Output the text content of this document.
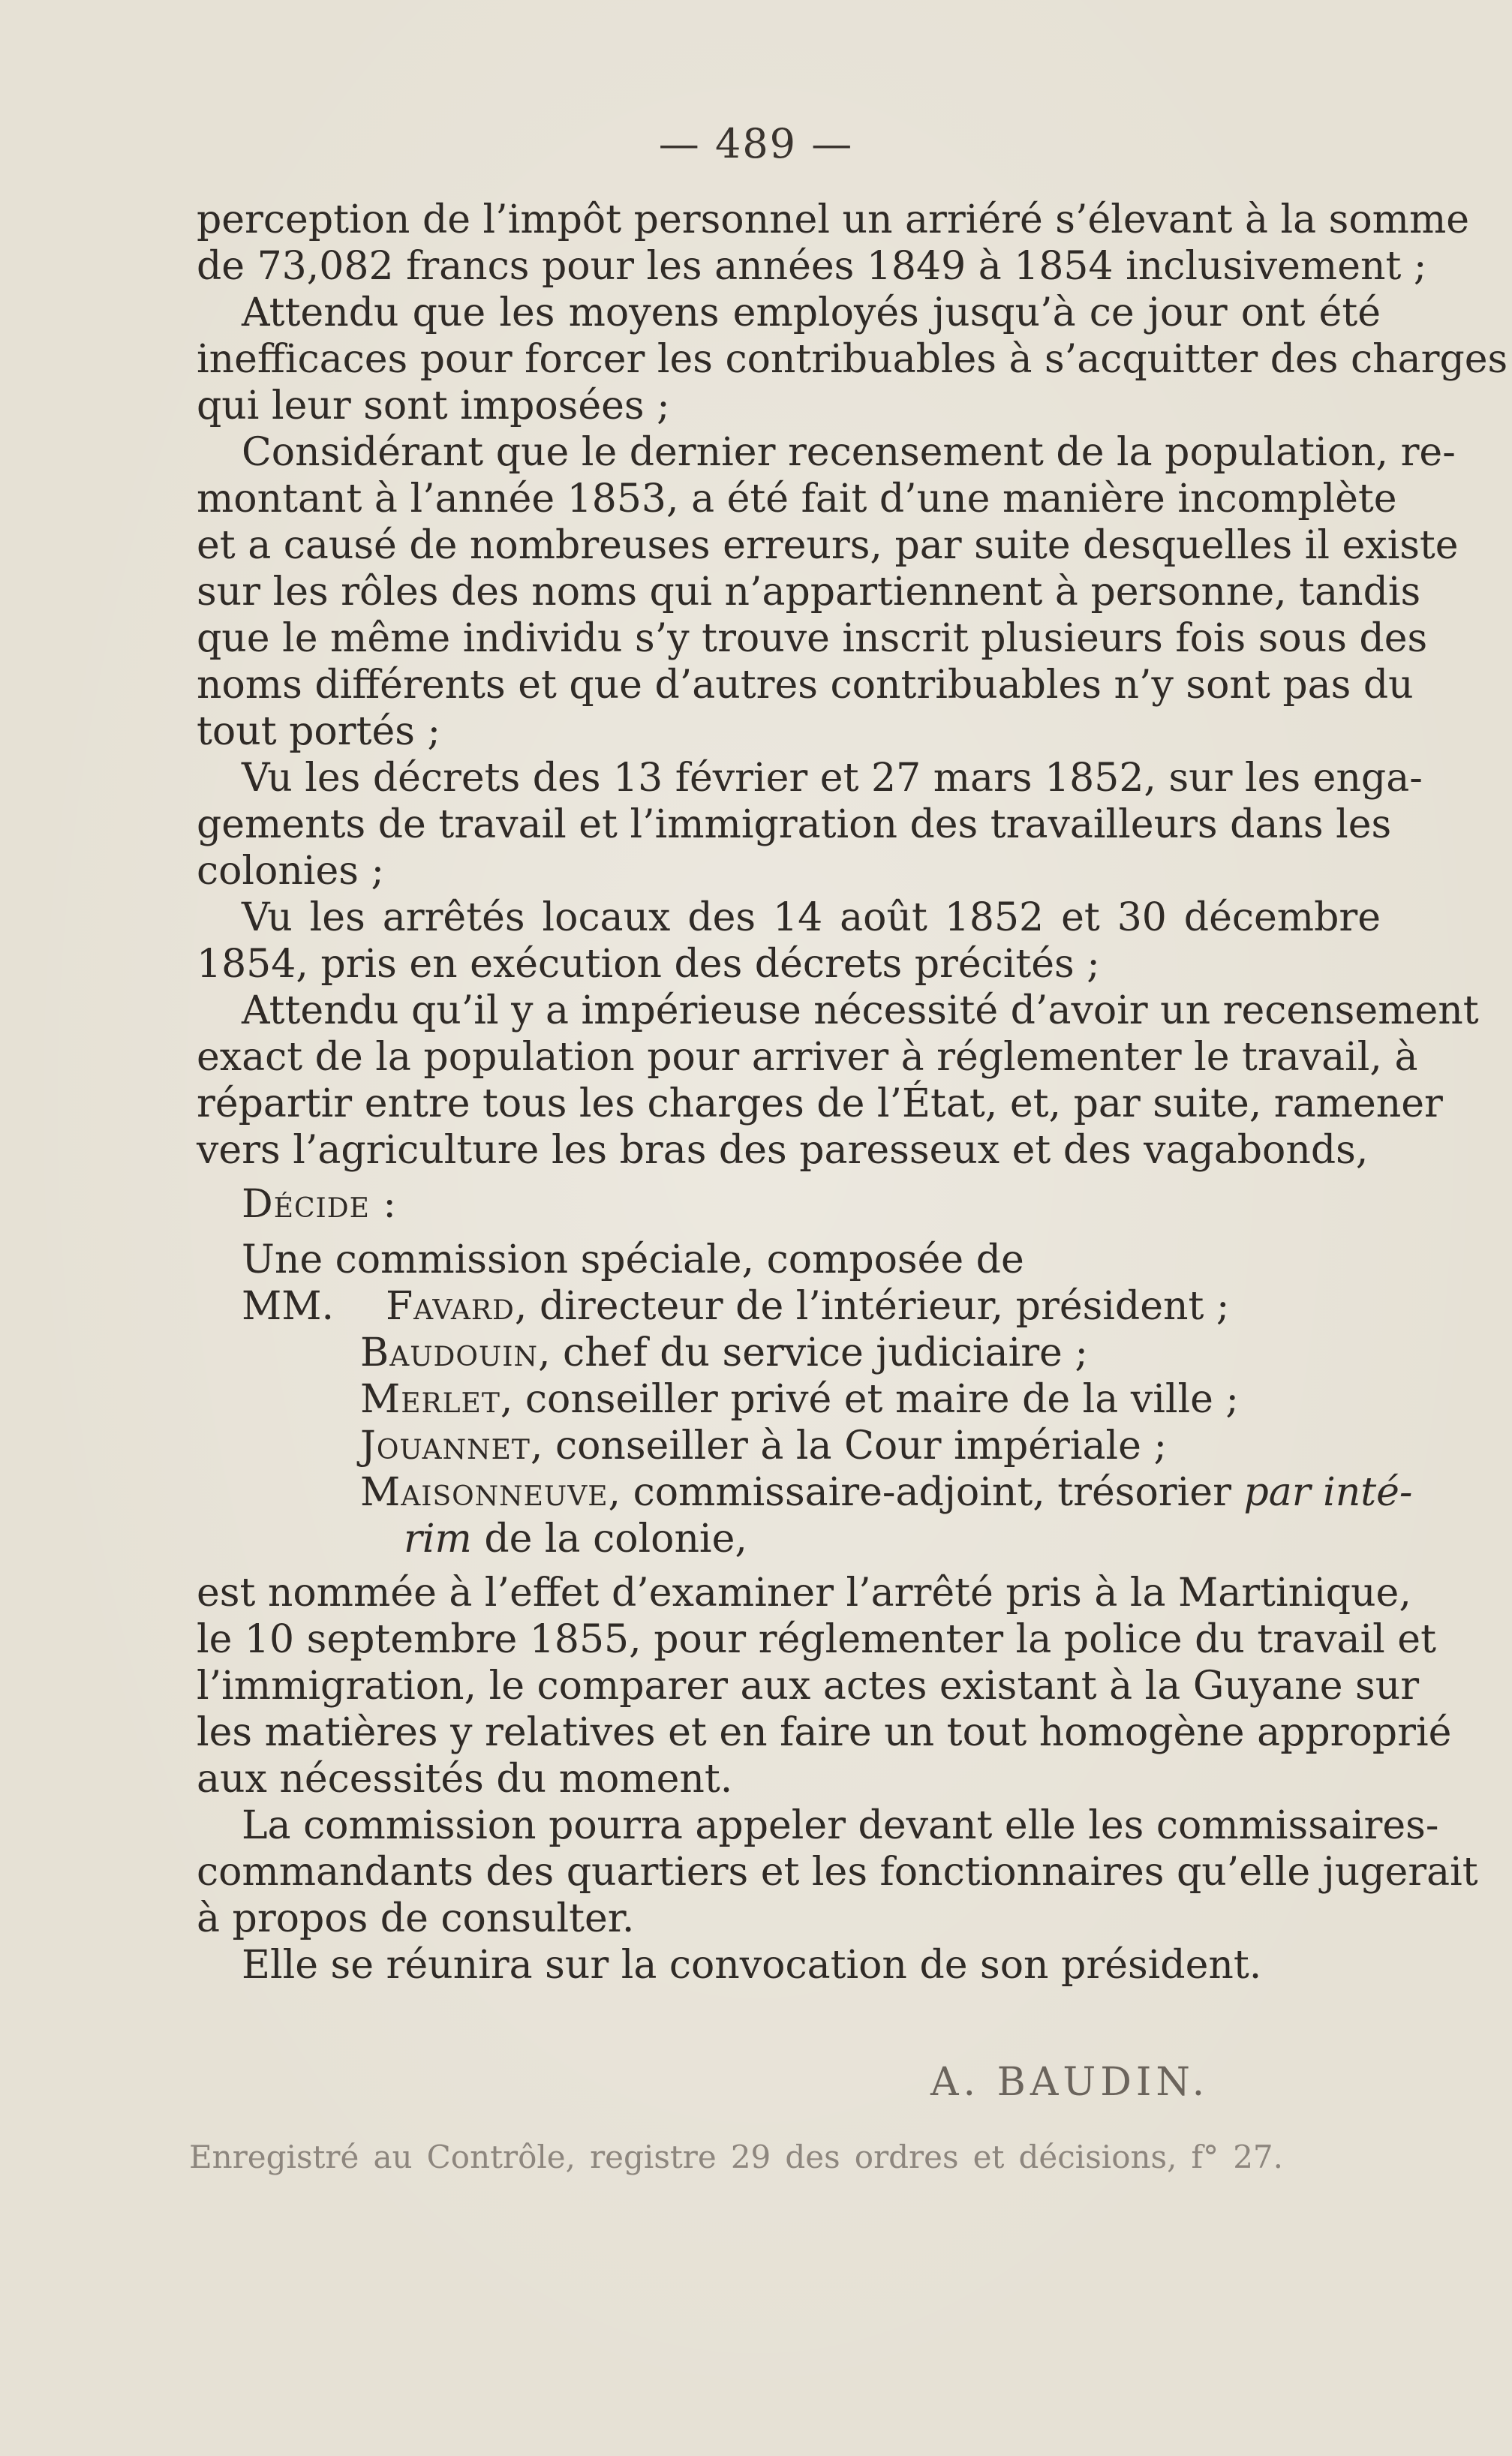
— 489 —
perception de l’impôt personnel un arriéré s’élevant à la somme
de 73,082 francs pour les années 1849 à 1854 inclusivement ;
Attendu que les moyens employés jusqu’à ce jour ont été
inefficaces pour forcer les contribuables à s’acquitter des charges
qui leur sont imposées ;
Considérant que le dernier recensement de la population, re-
montant à l’année 1853, a été fait d’une manière incomplète
et a causé de nombreuses erreurs, par suite desquelles il existe
sur les rôles des noms qui n’appartiennent à personne, tandis
que le même individu s’y trouve inscrit plusieurs fois sous des
noms différents et que d’autres contribuables n’y sont pas du
tout portés ;
Vu les décrets des 13 février et 27 mars 1852, sur les enga-
gements de travail et l’immigration des travailleurs dans les
colonies ;
Vu les arrêtés locaux des 14 août 1852 et 30 décembre
1854, pris en exécution des décrets précités ;
Attendu qu’il y a impérieuse nécessité d’avoir un recensement
exact de la population pour arriver à réglementer le travail, à
répartir entre tous les charges de l’État, et, par suite, ramener
vers l’agriculture les bras des paresseux et des vagabonds,
Décide :
Une commission spéciale, composée de
MM. Favard, directeur de l’intérieur, président ;
Baudouin, chef du service judiciaire ;
Merlet, conseiller privé et maire de la ville ;
Jouannet, conseiller à la Cour impériale ;
Maisonneuve, commissaire-adjoint, trésorier par inté-
rim de la colonie,
est nommée à l’effet d’examiner l’arrêté pris à la Martinique,
le 10 septembre 1855, pour réglementer la police du travail et
l’immigration, le comparer aux actes existant à la Guyane sur
les matières y relatives et en faire un tout homogène approprié
aux nécessités du moment.
La commission pourra appeler devant elle les commissaires-
commandants des quartiers et les fonctionnaires qu’elle jugerait
à propos de consulter.
Elle se réunira sur la convocation de son président.
A. BAUDIN.
Enregistré au Contrôle, registre 29 des ordres et décisions, f° 27.
